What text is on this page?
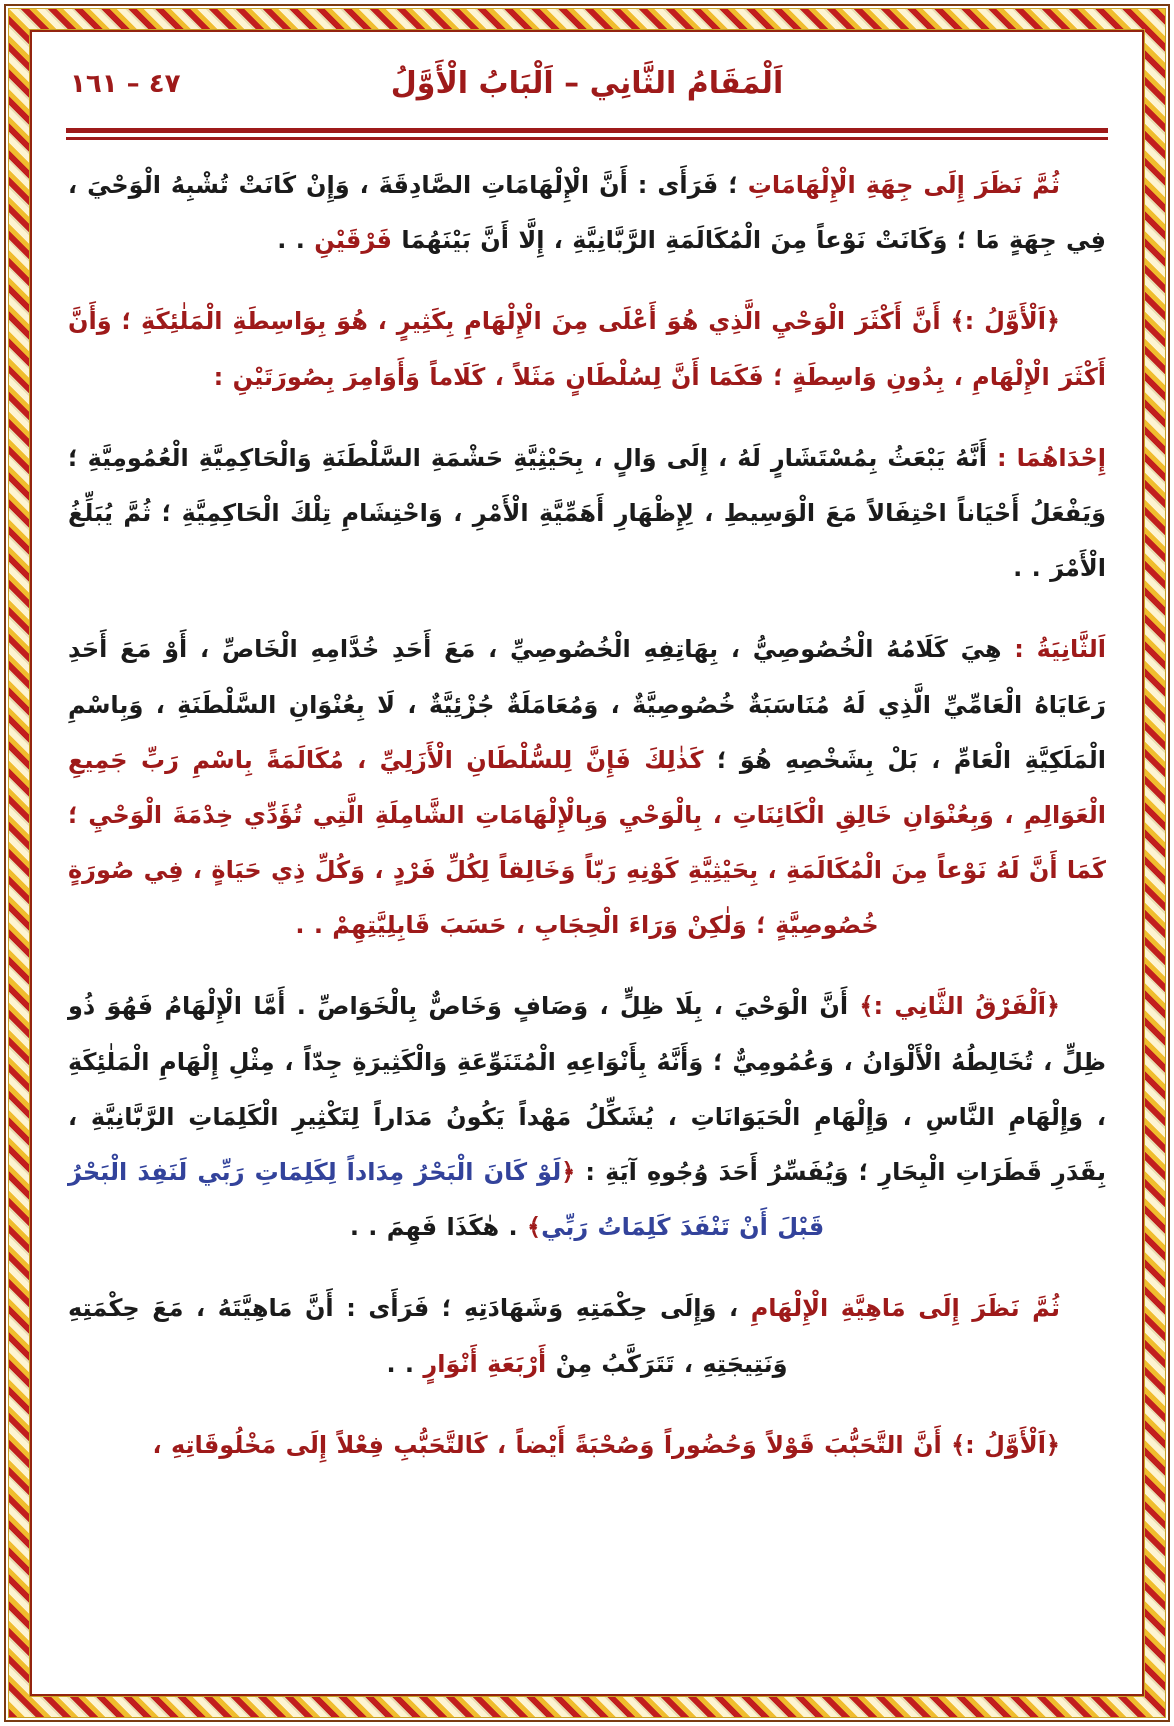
اَلْمَقَامُ الثَّانِي – اَلْبَابُ الْأَوَّلُ
٤٧ – ١٦١

ثُمَّ نَظَرَ إِلَى جِهَةِ الْإِلْهَامَاتِ ؛ فَرَأَى : أَنَّ الْإِلْهَامَاتِ الصَّادِقَةَ ، وَإِنْ كَانَتْ تُشْبِهُ الْوَحْيَ ، فِي جِهَةٍ مَا ؛ وَكَانَتْ نَوْعاً مِنَ الْمُكَالَمَةِ الرَّبَّانِيَّةِ ، إِلَّا أَنَّ بَيْنَهُمَا فَرْقَيْنِ . .

﴿اَلْأَوَّلُ :﴾ أَنَّ أَكْثَرَ الْوَحْيِ الَّذِي هُوَ أَعْلَى مِنَ الْإِلْهَامِ بِكَثِيرٍ ، هُوَ بِوَاسِطَةِ الْمَلٰئِكَةِ ؛ وَأَنَّ أَكْثَرَ الْإِلْهَامِ ، بِدُونِ وَاسِطَةٍ ؛ فَكَمَا أَنَّ لِسُلْطَانٍ مَثَلاً ، كَلَاماً وَأَوَامِرَ بِصُورَتَيْنِ :

إِحْدَاهُمَا : أَنَّهُ يَبْعَثُ بِمُسْتَشَارٍ لَهُ ، إِلَى وَالٍ ، بِحَيْثِيَّةِ حَشْمَةِ السَّلْطَنَةِ وَالْحَاكِمِيَّةِ الْعُمُومِيَّةِ ؛ وَيَفْعَلُ أَحْيَاناً احْتِفَالاً مَعَ الْوَسِيطِ ، لِإِظْهَارِ أَهَمِّيَّةِ الْأَمْرِ ، وَاحْتِشَامِ تِلْكَ الْحَاكِمِيَّةِ ؛ ثُمَّ يُبَلِّغُ الْأَمْرَ . .

اَلثَّانِيَةُ : هِيَ كَلَامُهُ الْخُصُوصِيُّ ، بِهَاتِفِهِ الْخُصُوصِيِّ ، مَعَ أَحَدِ خُدَّامِهِ الْخَاصِّ ، أَوْ مَعَ أَحَدِ رَعَايَاهُ الْعَامِّيِّ الَّذِي لَهُ مُنَاسَبَةٌ خُصُوصِيَّةٌ ، وَمُعَامَلَةٌ جُزْئِيَّةٌ ، لَا بِعُنْوَانِ السَّلْطَنَةِ ، وَبِاسْمِ الْمَلَكِيَّةِ الْعَامِّ ، بَلْ بِشَخْصِهِ هُوَ ؛ كَذٰلِكَ فَإِنَّ لِلسُّلْطَانِ الْأَزَلِيِّ ، مُكَالَمَةً بِاسْمِ رَبِّ جَمِيعِ الْعَوَالِمِ ، وَبِعُنْوَانِ خَالِقِ الْكَائِنَاتِ ، بِالْوَحْيِ وَبِالْإِلْهَامَاتِ الشَّامِلَةِ الَّتِي تُؤَدِّي خِدْمَةَ الْوَحْيِ ؛ كَمَا أَنَّ لَهُ نَوْعاً مِنَ الْمُكَالَمَةِ ، بِحَيْثِيَّةِ كَوْنِهِ رَبّاً وَخَالِقاً لِكُلِّ فَرْدٍ ، وَكُلِّ ذِي حَيَاةٍ ، فِي صُورَةٍ خُصُوصِيَّةٍ ؛ وَلٰكِنْ وَرَاءَ الْحِجَابِ ، حَسَبَ قَابِلِيَّتِهِمْ . .

﴿اَلْفَرْقُ الثَّانِي :﴾ أَنَّ الْوَحْيَ ، بِلَا ظِلٍّ ، وَصَافٍ وَخَاصٌّ بِالْخَوَاصِّ . أَمَّا الْإِلْهَامُ فَهُوَ ذُو ظِلٍّ ، تُخَالِطُهُ الْأَلْوَانُ ، وَعُمُومِيٌّ ؛ وَأَنَّهُ بِأَنْوَاعِهِ الْمُتَنَوِّعَةِ وَالْكَثِيرَةِ جِدّاً ، مِثْلِ إِلْهَامِ الْمَلٰئِكَةِ ، وَإِلْهَامِ النَّاسِ ، وَإِلْهَامِ الْحَيَوَانَاتِ ، يُشَكِّلُ مَهْداً يَكُونُ مَدَاراً لِتَكْثِيرِ الْكَلِمَاتِ الرَّبَّانِيَّةِ ، بِقَدَرِ قَطَرَاتِ الْبِحَارِ ؛ وَيُفَسِّرُ أَحَدَ وُجُوهِ آيَةِ : ﴿لَوْ كَانَ الْبَحْرُ مِدَاداً لِكَلِمَاتِ رَبِّي لَنَفِدَ الْبَحْرُ قَبْلَ أَنْ تَنْفَدَ كَلِمَاتُ رَبِّي﴾ . هٰكَذَا فَهِمَ . .

ثُمَّ نَظَرَ إِلَى مَاهِيَّةِ الْإِلْهَامِ ، وَإِلَى حِكْمَتِهِ وَشَهَادَتِهِ ؛ فَرَأَى : أَنَّ مَاهِيَّتَهُ ، مَعَ حِكْمَتِهِ وَنَتِيجَتِهِ ، تَتَرَكَّبُ مِنْ أَرْبَعَةِ أَنْوَارٍ . .

﴿اَلْأَوَّلُ :﴾ أَنَّ التَّحَبُّبَ قَوْلاً وَحُضُوراً وَصُحْبَةً أَيْضاً ، كَالتَّحَبُّبِ فِعْلاً إِلَى مَخْلُوقَاتِهِ ،
